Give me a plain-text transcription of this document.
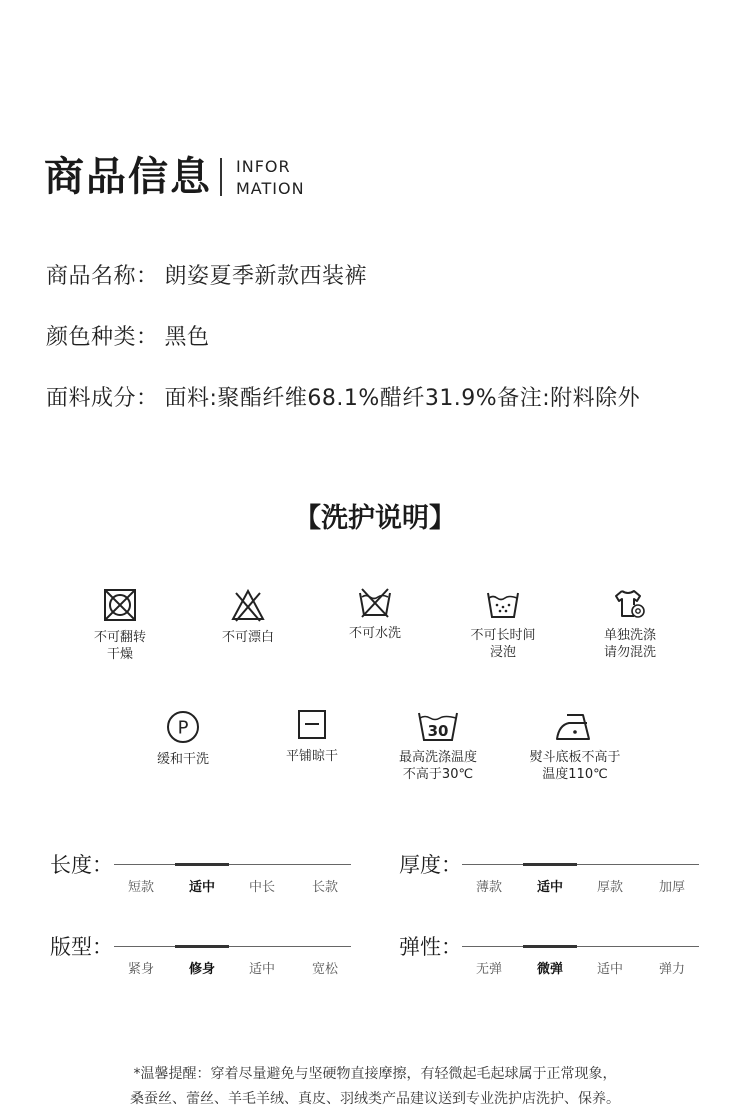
商品信息 INFOR
MATION
商品名称： 朗姿夏季新款西装裤
颜色种类： 黑色
面料成分： 面料:聚酯纤维68.1%醋纤31.9%备注:附料除外
【洗护说明】
不可翻转
干燥
不可漂白	不可水洗	不可长时间
浸泡
单独洗涤
请勿混洗
P
缓和干洗	平铺晾干
30
最高洗涤温度
不高于30℃
熨斗底板不高于
温度110℃
长度：
短款	适中	中长	长款
厚度：
薄款	适中	厚款	加厚
版型：
紧身	修身	适中	宽松
弹性：
无弹	微弹	适中	弹力
*温馨提醒：穿着尽量避免与坚硬物直接摩擦，有轻微起毛起球属于正常现象，
桑蚕丝、蕾丝、羊毛羊绒、真皮、羽绒类产品建议送到专业洗护店洗护、保养。
